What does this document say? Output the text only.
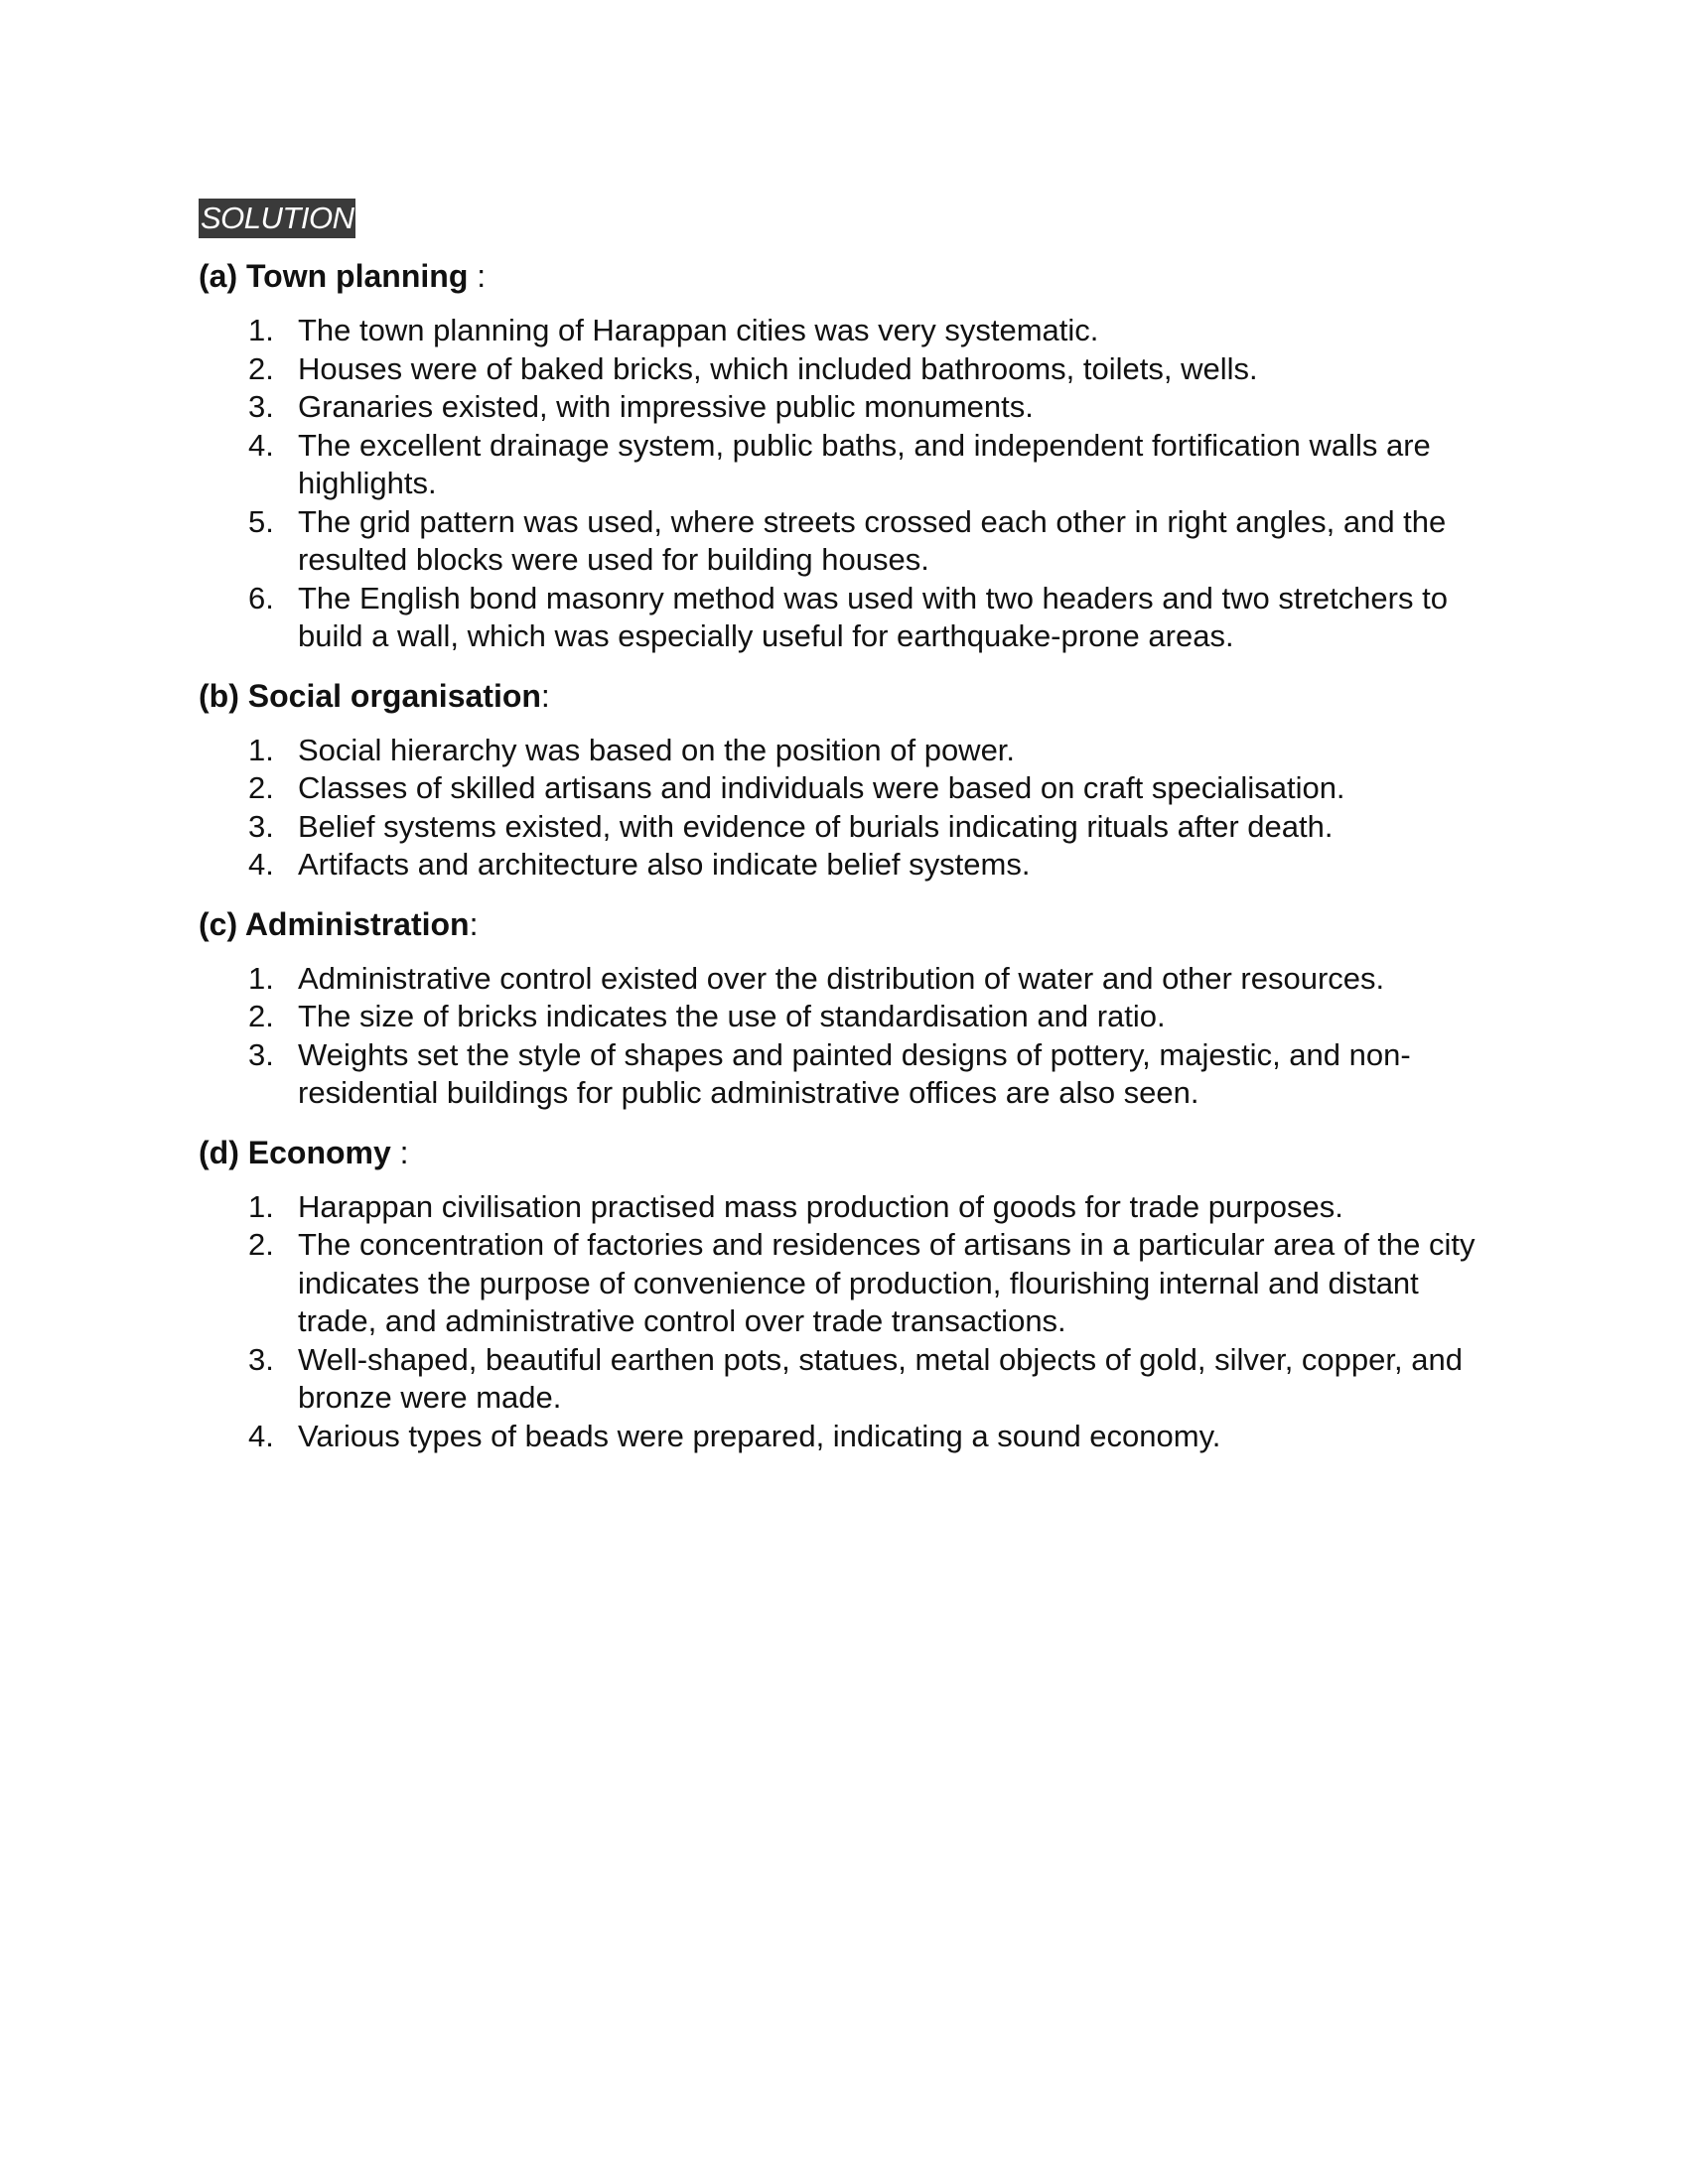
SOLUTION
(a) Town planning :
1. The town planning of Harappan cities was very systematic.
2. Houses were of baked bricks, which included bathrooms, toilets, wells.
3. Granaries existed, with impressive public monuments.
4. The excellent drainage system, public baths, and independent fortification walls are highlights.
5. The grid pattern was used, where streets crossed each other in right angles, and the resulted blocks were used for building houses.
6. The English bond masonry method was used with two headers and two stretchers to build a wall, which was especially useful for earthquake-prone areas.
(b) Social organisation:
1. Social hierarchy was based on the position of power.
2. Classes of skilled artisans and individuals were based on craft specialisation.
3. Belief systems existed, with evidence of burials indicating rituals after death.
4. Artifacts and architecture also indicate belief systems.
(c) Administration:
1. Administrative control existed over the distribution of water and other resources.
2. The size of bricks indicates the use of standardisation and ratio.
3. Weights set the style of shapes and painted designs of pottery, majestic, and non-residential buildings for public administrative offices are also seen.
(d) Economy :
1. Harappan civilisation practised mass production of goods for trade purposes.
2. The concentration of factories and residences of artisans in a particular area of the city indicates the purpose of convenience of production, flourishing internal and distant trade, and administrative control over trade transactions.
3. Well-shaped, beautiful earthen pots, statues, metal objects of gold, silver, copper, and bronze were made.
4. Various types of beads were prepared, indicating a sound economy.
